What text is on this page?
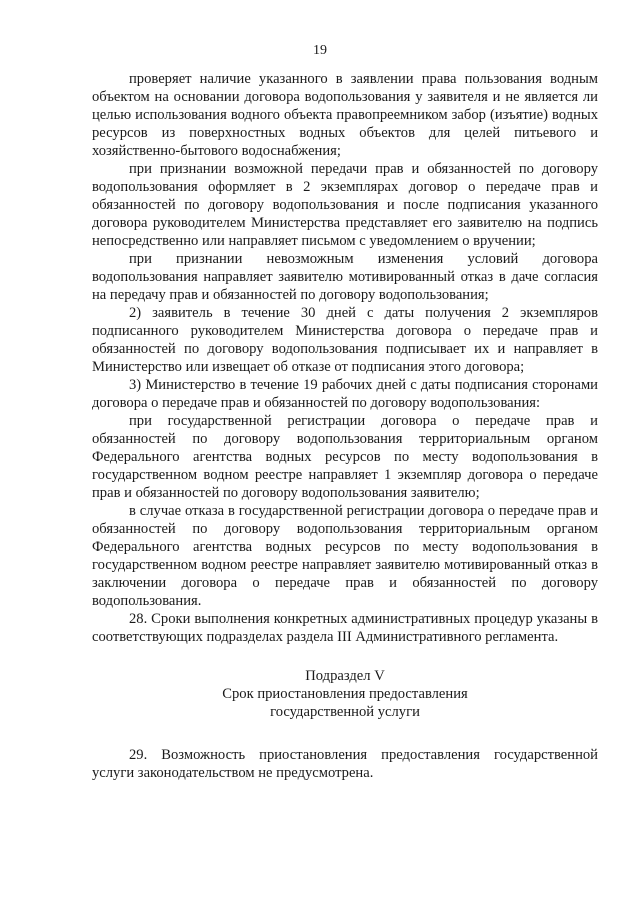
19

проверяет наличие указанного в заявлении права пользования водным объектом на основании договора водопользования у заявителя и не является ли целью использования водного объекта правопреемником забор (изъятие) водных ресурсов из поверхностных водных объектов для целей питьевого и хозяйственно-бытового водоснабжения;

при признании возможной передачи прав и обязанностей по договору водопользования оформляет в 2 экземплярах договор о передаче прав и обязанностей по договору водопользования и после подписания указанного договора руководителем Министерства представляет его заявителю на подпись непосредственно или направляет письмом с уведомлением о вручении;

при признании невозможным изменения условий договора водопользования направляет заявителю мотивированный отказ в даче согласия на передачу прав и обязанностей по договору водопользования;

2) заявитель в течение 30 дней с даты получения 2 экземпляров подписанного руководителем Министерства договора о передаче прав и обязанностей по договору водопользования подписывает их и направляет в Министерство или извещает об отказе от подписания этого договора;

3) Министерство в течение 19 рабочих дней с даты подписания сторонами договора о передаче прав и обязанностей по договору водопользования:

при государственной регистрации договора о передаче прав и обязанностей по договору водопользования территориальным органом Федерального агентства водных ресурсов по месту водопользования в государственном водном реестре направляет 1 экземпляр договора о передаче прав и обязанностей по договору водопользования заявителю;

в случае отказа в государственной регистрации договора о передаче прав и обязанностей по договору водопользования территориальным органом Федерального агентства водных ресурсов по месту водопользования в государственном водном реестре направляет заявителю мотивированный отказ в заключении договора о передаче прав и обязанностей по договору водопользования.

28. Сроки выполнения конкретных административных процедур указаны в соответствующих подразделах раздела III Административного регламента.

Подраздел V

Срок приостановления предоставления

государственной услуги

29. Возможность приостановления предоставления государственной услуги законодательством не предусмотрена.
